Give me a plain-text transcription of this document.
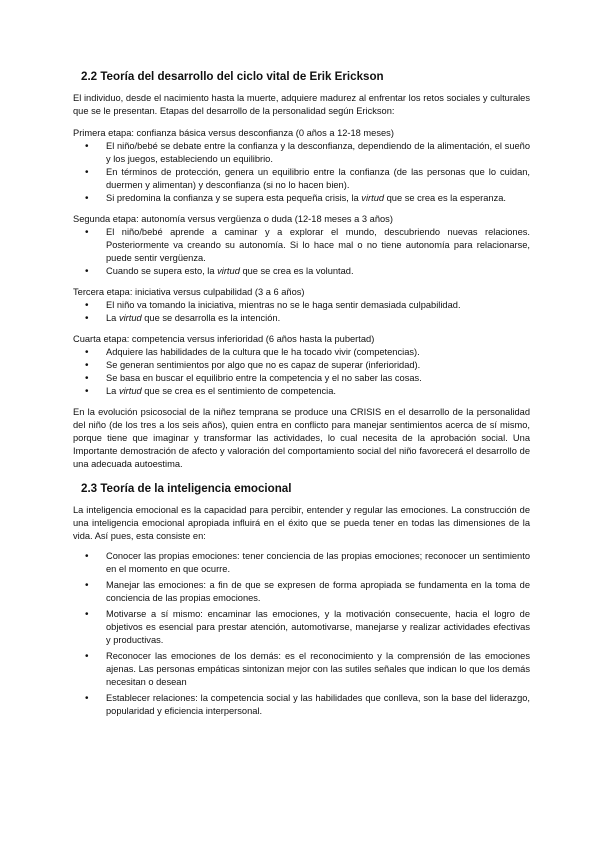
2.2 Teoría del desarrollo del ciclo vital de Erik Erickson

El individuo, desde el nacimiento hasta la muerte, adquiere madurez al enfrentar los retos sociales y culturales que se le presentan. Etapas del desarrollo de la personalidad según Erickson:

Primera etapa: confianza básica versus desconfianza (0 años a 12-18 meses)

• El niño/bebé se debate entre la confianza y la desconfianza, dependiendo de la alimentación, el sueño y los juegos, estableciendo un equilibrio.
• En términos de protección, genera un equilibrio entre la confianza (de las personas que lo cuidan, duermen y alimentan) y desconfianza (si no lo hacen bien).
• Si predomina la confianza y se supera esta pequeña crisis, la virtud que se crea es la esperanza.

Segunda etapa: autonomía versus vergüenza o duda (12-18 meses a 3 años)

• El niño/bebé aprende a caminar y a explorar el mundo, descubriendo nuevas relaciones. Posteriormente va creando su autonomía. Si lo hace mal o no tiene autonomía para relacionarse, puede sentir vergüenza.
• Cuando se supera esto, la virtud que se crea es la voluntad.

Tercera etapa: iniciativa versus culpabilidad (3 a 6 años)

• El niño va tomando la iniciativa, mientras no se le haga sentir demasiada culpabilidad.
• La virtud que se desarrolla es la intención.

Cuarta etapa: competencia versus inferioridad (6 años hasta la pubertad)

• Adquiere las habilidades de la cultura que le ha tocado vivir (competencias).
• Se generan sentimientos por algo que no es capaz de superar (inferioridad).
• Se basa en buscar el equilibrio entre la competencia y el no saber las cosas.
• La virtud que se crea es el sentimiento de competencia.

En la evolución psicosocial de la niñez temprana se produce una CRISIS en el desarrollo de la personalidad del niño (de los tres a los seis años), quien entra en conflicto para manejar sentimientos acerca de sí mismo, porque tiene que imaginar y transformar las actividades, lo cual necesita de la aprobación social. Una Importante demostración de afecto y valoración del comportamiento social del niño favorecerá el desarrollo de una adecuada autoestima.

2.3 Teoría de la inteligencia emocional

La inteligencia emocional es la capacidad para percibir, entender y regular las emociones. La construcción de una inteligencia emocional apropiada influirá en el éxito que se pueda tener en todas las dimensiones de la vida. Así pues, esta consiste en:

• Conocer las propias emociones: tener conciencia de las propias emociones; reconocer un sentimiento en el momento en que ocurre.
• Manejar las emociones: a fin de que se expresen de forma apropiada se fundamenta en la toma de conciencia de las propias emociones.
• Motivarse a sí mismo: encaminar las emociones, y la motivación consecuente, hacia el logro de objetivos es esencial para prestar atención, automotivarse, manejarse y realizar actividades efectivas y productivas.
• Reconocer las emociones de los demás: es el reconocimiento y la comprensión de las emociones ajenas. Las personas empáticas sintonizan mejor con las sutiles señales que indican lo que los demás necesitan o desean
• Establecer relaciones: la competencia social y las habilidades que conlleva, son la base del liderazgo, popularidad y eficiencia interpersonal.
